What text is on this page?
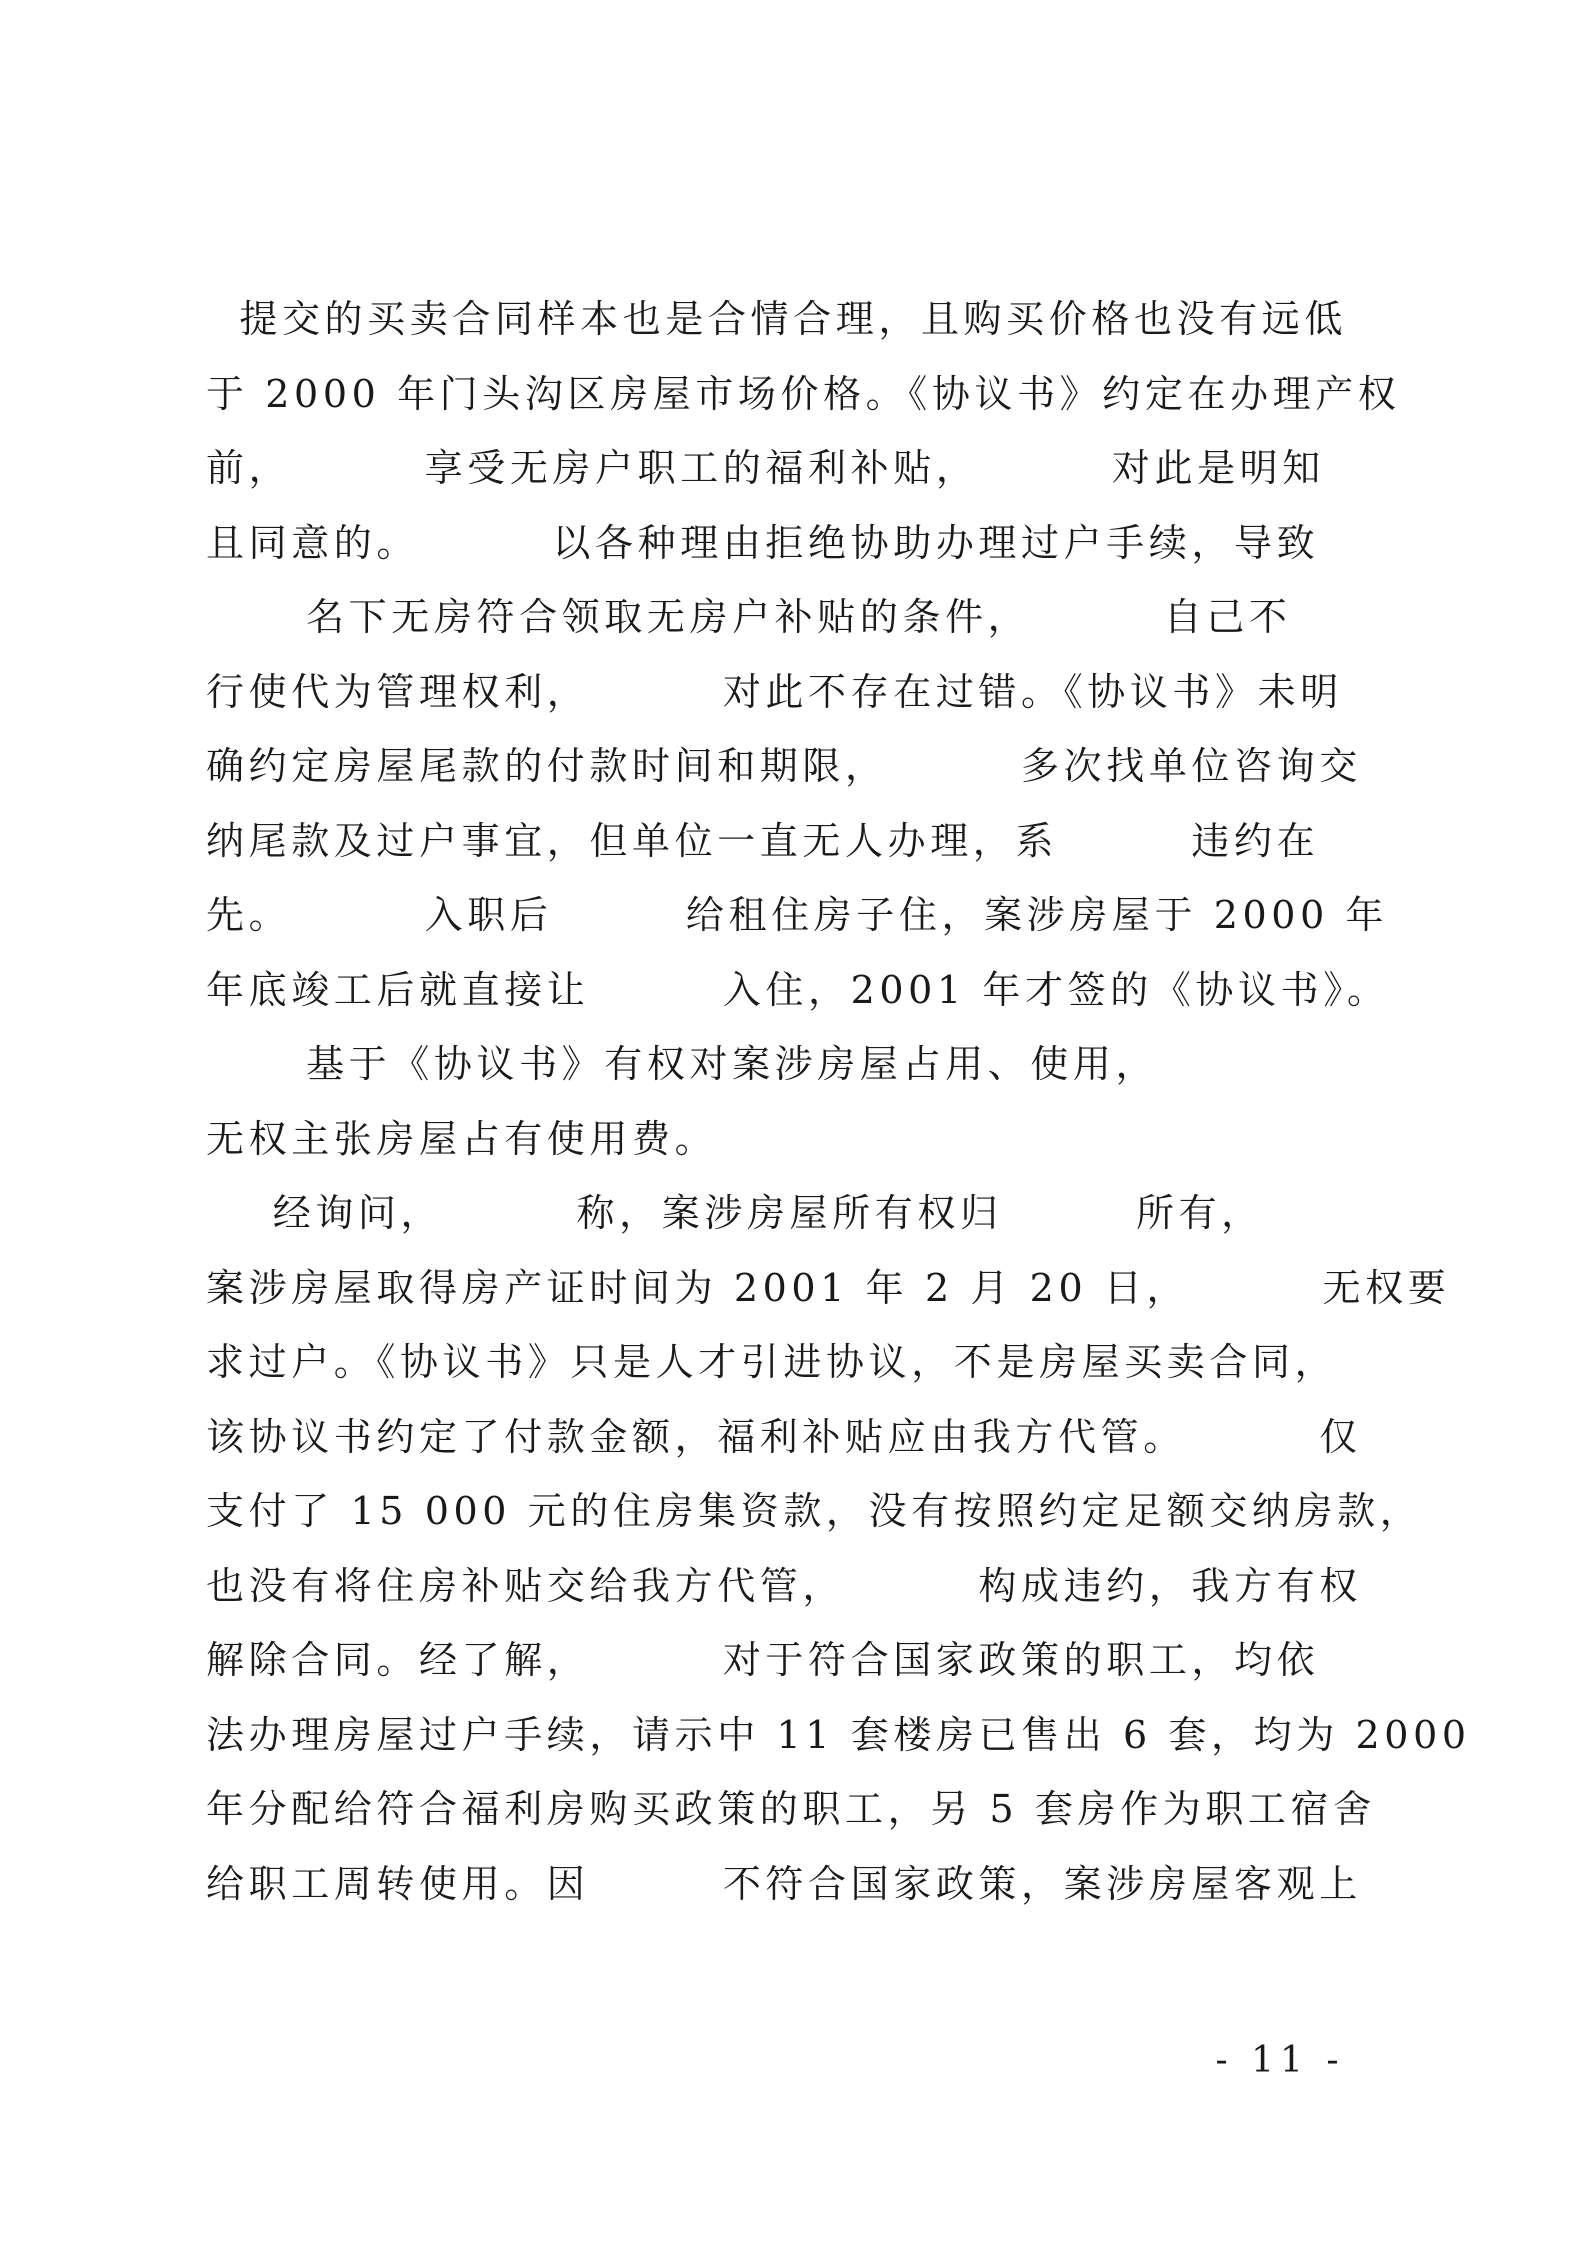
提交的买卖合同样本也是合情合理，且购买价格也没有远低
于 2000 年门头沟区房屋市场价格。《协议书》约定在办理产权
前，        享受无房户职工的福利补贴，        对此是明知
且同意的。        以各种理由拒绝协助办理过户手续，导致
名下无房符合领取无房户补贴的条件，        自己不
行使代为管理权利，        对此不存在过错。《协议书》未明
确约定房屋尾款的付款时间和期限，        多次找单位咨询交
纳尾款及过户事宜，但单位一直无人办理，系        违约在
先。        入职后        给租住房子住，案涉房屋于 2000 年
年底竣工后就直接让        入住，2001 年才签的《协议书》。
基于《协议书》有权对案涉房屋占用、使用，
无权主张房屋占有使用费。
经询问，        称，案涉房屋所有权归        所有，
案涉房屋取得房产证时间为 2001 年 2 月 20 日，        无权要
求过户。《协议书》只是人才引进协议，不是房屋买卖合同，
该协议书约定了付款金额，福利补贴应由我方代管。        仅
支付了 15 000 元的住房集资款，没有按照约定足额交纳房款，
也没有将住房补贴交给我方代管，        构成违约，我方有权
解除合同。经了解，        对于符合国家政策的职工，均依
法办理房屋过户手续，请示中 11 套楼房已售出 6 套，均为 2000
年分配给符合福利房购买政策的职工，另 5 套房作为职工宿舍
给职工周转使用。因        不符合国家政策，案涉房屋客观上
- 11 -
